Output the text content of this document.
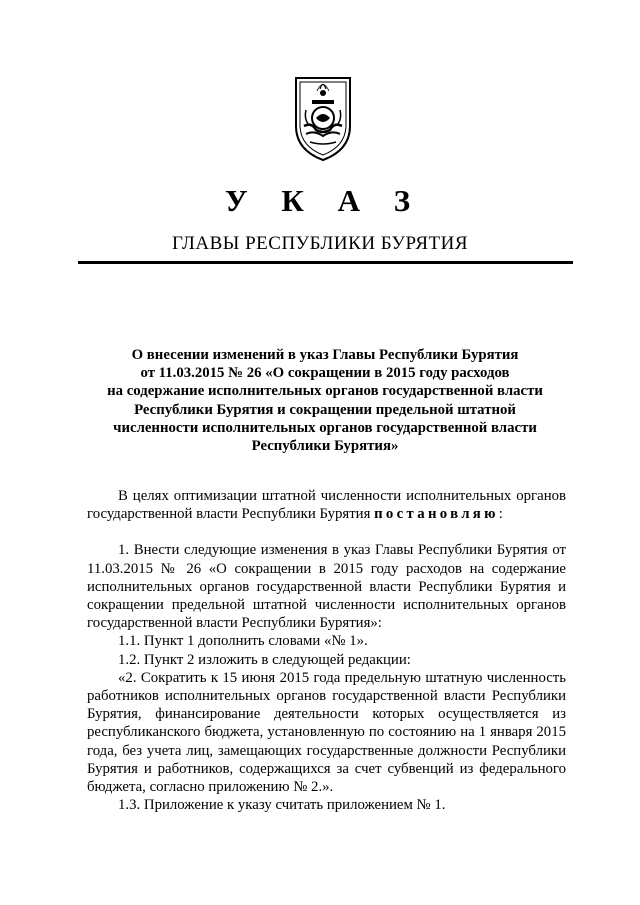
У К А З
ГЛАВЫ РЕСПУБЛИКИ БУРЯТИЯ
О внесении изменений в указ Главы Республики Бурятия
от 11.03.2015 № 26 «О сокращении в 2015 году расходов
на содержание исполнительных органов государственной власти
Республики Бурятия и сокращении предельной штатной
численности исполнительных органов государственной власти
Республики Бурятия»

В целях оптимизации штатной численности исполнительных органов государственной власти Республики Бурятия постановляю:

1. Внести следующие изменения в указ Главы Республики Бурятия от 11.03.2015 № 26 «О сокращении в 2015 году расходов на содержание исполнительных органов государственной власти Республики Бурятия и сокращении предельной штатной численности исполнительных органов государственной власти Республики Бурятия»:

1.1. Пункт 1 дополнить словами «№ 1».

1.2. Пункт 2 изложить в следующей редакции:

«2. Сократить к 15 июня 2015 года предельную штатную численность работников исполнительных органов государственной власти Республики Бурятия, финансирование деятельности которых осуществляется из республиканского бюджета, установленную по состоянию на 1 января 2015 года, без учета лиц, замещающих государственные должности Республики Бурятия и работников, содержащихся за счет субвенций из федерального бюджета, согласно приложению № 2.».

1.3. Приложение к указу считать приложением № 1.
